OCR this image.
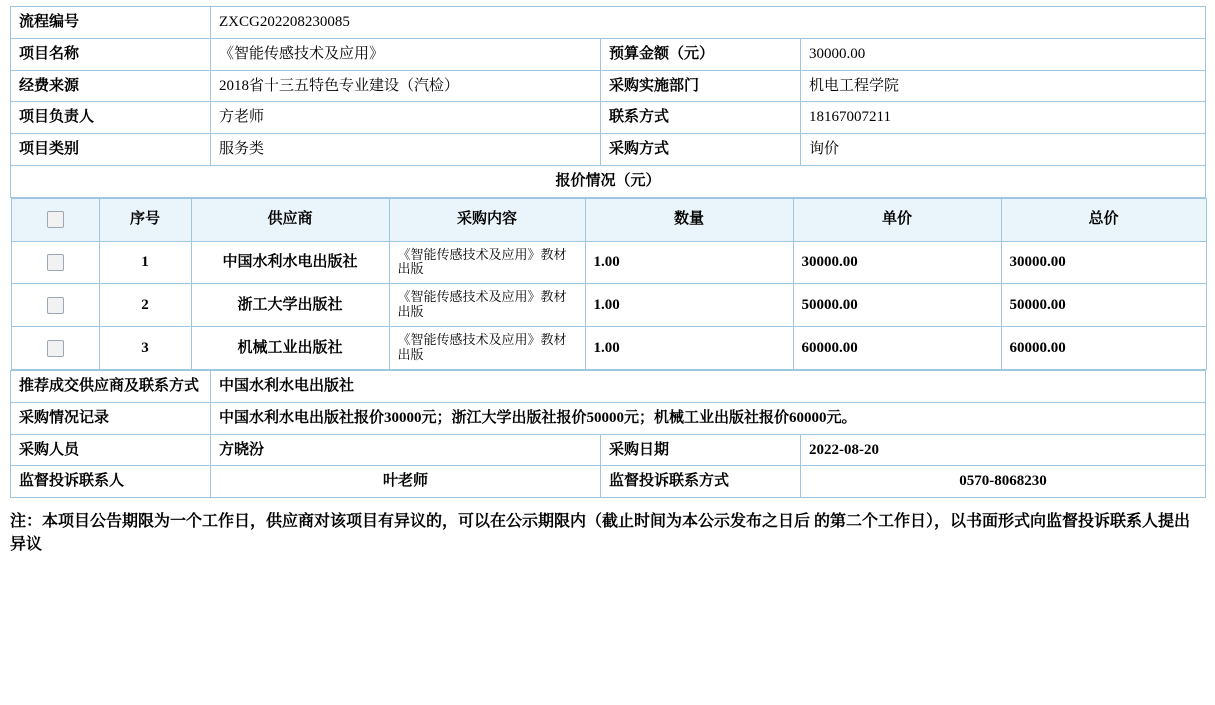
流程编号	ZXCG202208230085
项目名称	《智能传感技术及应用》	预算金额（元）	30000.00
经费来源	2018省十三五特色专业建设（汽检）	采购实施部门	机电工程学院
项目负责人	方老师	联系方式	18167007211
项目类别	服务类	采购方式	询价
报价情况（元）

	序号	供应商	采购内容	数量	单价	总价
	1	中国水利水电出版社	《智能传感技术及应用》教材出版	1.00	30000.00	30000.00
	2	浙工大学出版社	《智能传感技术及应用》教材出版	1.00	50000.00	50000.00
	3	机械工业出版社	《智能传感技术及应用》教材出版	1.00	60000.00	60000.00

推荐成交供应商及联系方式	中国水利水电出版社
采购情况记录	中国水利水电出版社报价30000元；浙江大学出版社报价50000元；机械工业出版社报价60000元。
采购人员	方晓汾	采购日期	2022-08-20
监督投诉联系人	叶老师	监督投诉联系方式	0570-8068230
注：本项目公告期限为一个工作日，供应商对该项目有异议的，可以在公示期限内（截止时间为本公示发布之日后 的第二个工作日），以书面形式向监督投诉联系人提出异议
